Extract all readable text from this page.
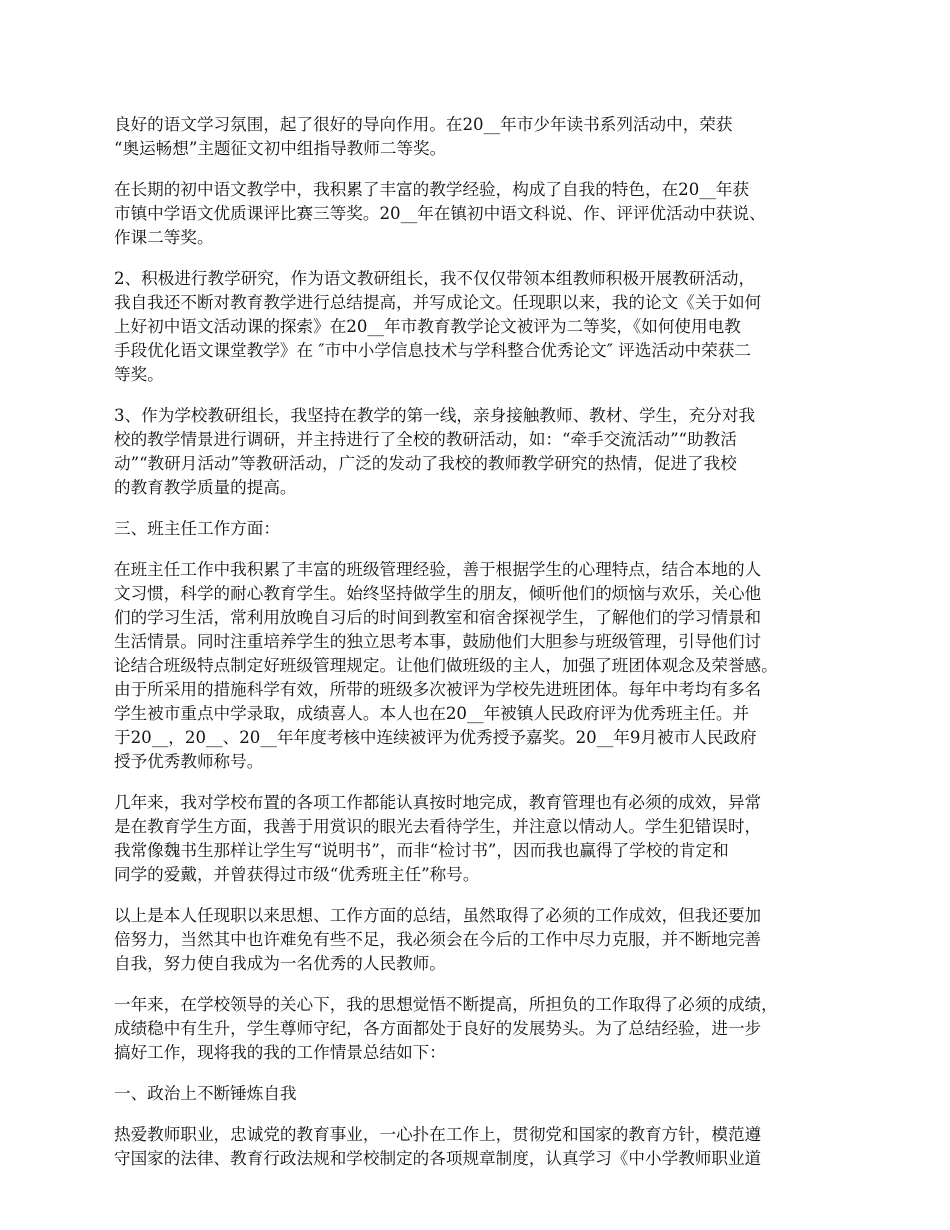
良好的语文学习氛围，起了很好的导向作用。在20__年市少年读书系列活动中，荣获
“奥运畅想”主题征文初中组指导教师二等奖。

在长期的初中语文教学中，我积累了丰富的教学经验，构成了自我的特色，在20__年获
市镇中学语文优质课评比赛三等奖。20__年在镇初中语文科说、作、评评优活动中获说、
作课二等奖。

2、积极进行教学研究，作为语文教研组长，我不仅仅带领本组教师积极开展教研活动，
我自我还不断对教育教学进行总结提高，并写成论文。任现职以来，我的论文《关于如何
上好初中语文活动课的探索》在20__年市教育教学论文被评为二等奖，《如何使用电教
手段优化语文课堂教学》在 ″市中小学信息技术与学科整合优秀论文″ 评选活动中荣获二
等奖。

3、作为学校教研组长，我坚持在教学的第一线，亲身接触教师、教材、学生，充分对我
校的教学情景进行调研，并主持进行了全校的教研活动，如：“牵手交流活动”“助教活
动”“教研月活动”等教研活动，广泛的发动了我校的教师教学研究的热情，促进了我校
的教育教学质量的提高。

三、班主任工作方面：

在班主任工作中我积累了丰富的班级管理经验，善于根据学生的心理特点，结合本地的人
文习惯，科学的耐心教育学生。始终坚持做学生的朋友，倾听他们的烦恼与欢乐，关心他
们的学习生活，常利用放晚自习后的时间到教室和宿舍探视学生，了解他们的学习情景和
生活情景。同时注重培养学生的独立思考本事，鼓励他们大胆参与班级管理，引导他们讨
论结合班级特点制定好班级管理规定。让他们做班级的主人，加强了班团体观念及荣誉感。
由于所采用的措施科学有效，所带的班级多次被评为学校先进班团体。每年中考均有多名
学生被市重点中学录取，成绩喜人。本人也在20__年被镇人民政府评为优秀班主任。并
于20__，20__、20__年年度考核中连续被评为优秀授予嘉奖。20__年9月被市人民政府
授予优秀教师称号。

几年来，我对学校布置的各项工作都能认真按时地完成，教育管理也有必须的成效，异常
是在教育学生方面，我善于用赏识的眼光去看待学生，并注意以情动人。学生犯错误时，
我常像魏书生那样让学生写“说明书”，而非“检讨书”，因而我也赢得了学校的肯定和
同学的爱戴，并曾获得过市级“优秀班主任”称号。

以上是本人任现职以来思想、工作方面的总结，虽然取得了必须的工作成效，但我还要加
倍努力，当然其中也许难免有些不足，我必须会在今后的工作中尽力克服，并不断地完善
自我，努力使自我成为一名优秀的人民教师。

一年来，在学校领导的关心下，我的思想觉悟不断提高，所担负的工作取得了必须的成绩，
成绩稳中有生升，学生尊师守纪，各方面都处于良好的发展势头。为了总结经验，进一步
搞好工作，现将我的我的工作情景总结如下：

一、政治上不断锤炼自我

热爱教师职业，忠诚党的教育事业，一心扑在工作上，贯彻党和国家的教育方针，模范遵
守国家的法律、教育行政法规和学校制定的各项规章制度，认真学习《中小学教师职业道
